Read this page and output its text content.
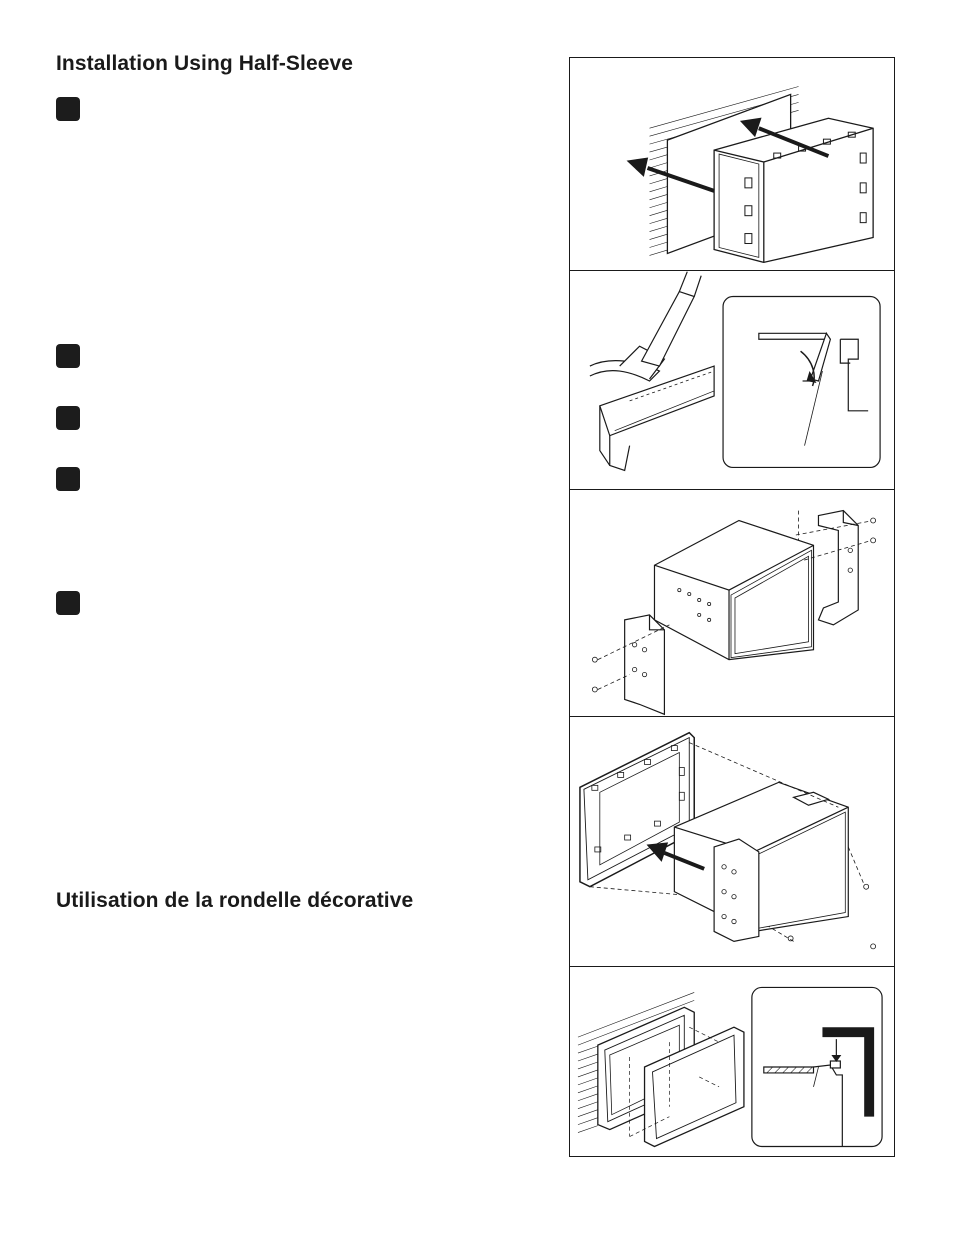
Installation Using Half-Sleeve
Utilisation de la rondelle décorative
